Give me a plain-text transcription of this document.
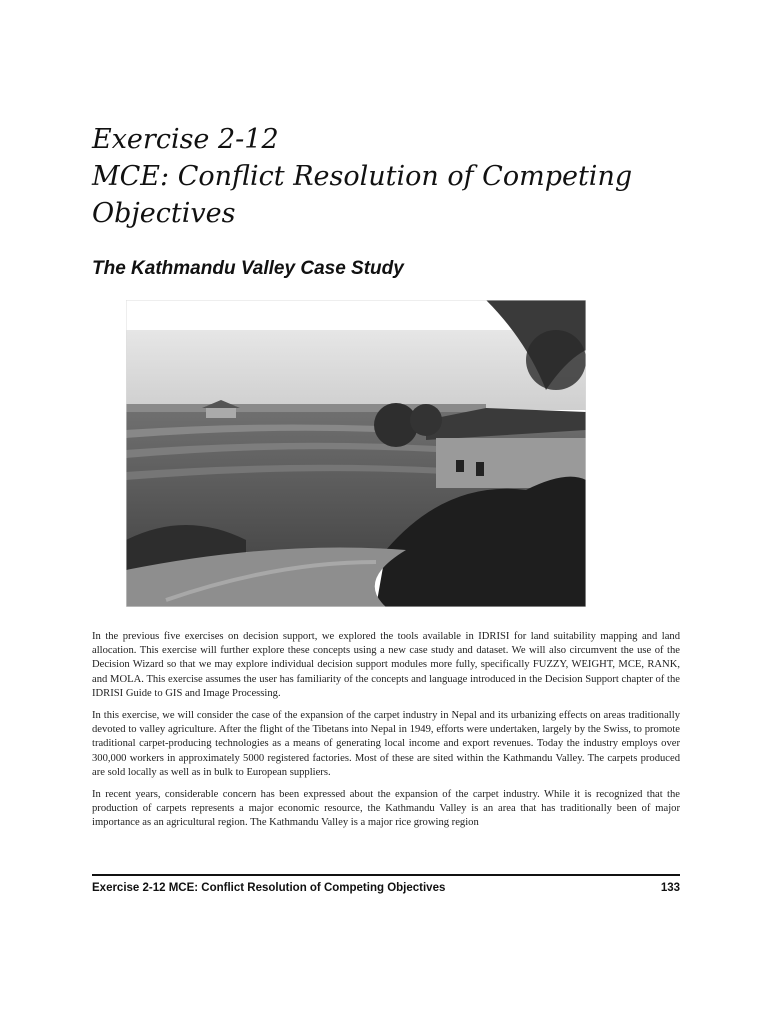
Exercise 2-12
MCE: Conflict Resolution of Competing
Objectives
The Kathmandu Valley Case Study

In the previous five exercises on decision support, we explored the tools available in IDRISI for land suitability mapping and land allocation. This exercise will further explore these concepts using a new case study and dataset. We will also circumvent the use of the Decision Wizard so that we may explore individual decision support modules more fully, specifically FUZZY, WEIGHT, MCE, RANK, and MOLA. This exercise assumes the user has familiarity of the concepts and language introduced in the Decision Support chapter of the IDRISI Guide to GIS and Image Processing.

In this exercise, we will consider the case of the expansion of the carpet industry in Nepal and its urbanizing effects on areas traditionally devoted to valley agriculture. After the flight of the Tibetans into Nepal in 1949, efforts were undertaken, largely by the Swiss, to promote traditional carpet-producing technologies as a means of generating local income and export revenues. Today the industry employs over 300,000 workers in approximately 5000 registered factories. Most of these are sited within the Kathmandu Valley. The carpets produced are sold locally as well as in bulk to European suppliers.

In recent years, considerable concern has been expressed about the expansion of the carpet industry. While it is recognized that the production of carpets represents a major economic resource, the Kathmandu Valley is an area that has traditionally been of major importance as an agricultural region. The Kathmandu Valley is a major rice growing region

Exercise 2-12 MCE: Conflict Resolution of Competing Objectives	133
